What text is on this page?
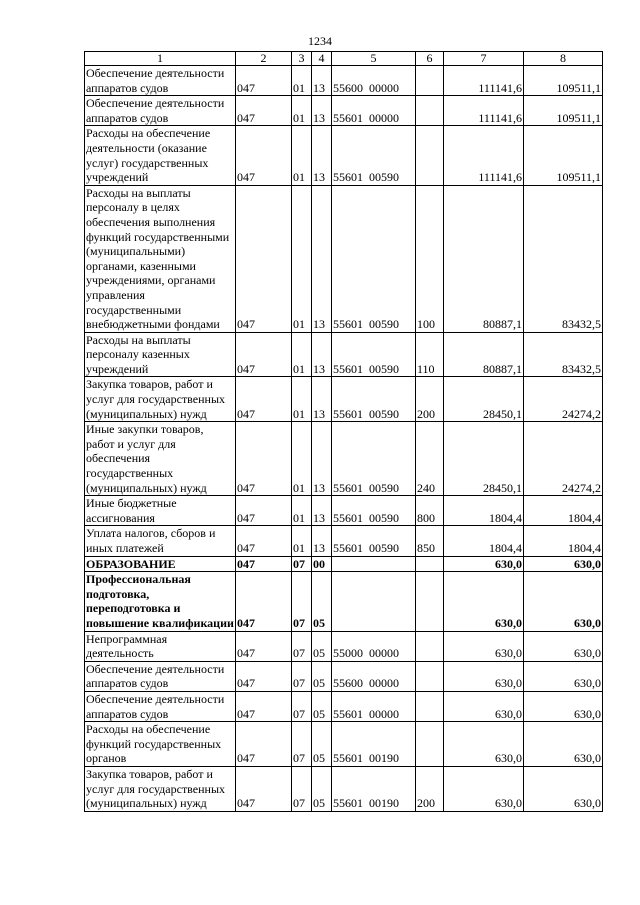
1234
1	2	3	4	5	6	7	8
Обеспечение деятельности аппаратов судов	047	01	13	55600  00000		111141,6	109511,1
Обеспечение деятельности аппаратов судов	047	01	13	55601  00000		111141,6	109511,1
Расходы на обеспечение деятельности (оказание услуг) государственных учреждений	047	01	13	55601  00590		111141,6	109511,1
Расходы на выплаты персоналу в целях обеспечения выполнения функций государственными (муниципальными) органами, казенными учреждениями, органами управления государственными внебюджетными фондами	047	01	13	55601  00590	100	80887,1	83432,5
Расходы на выплаты персоналу казенных учреждений	047	01	13	55601  00590	110	80887,1	83432,5
Закупка товаров, работ и услуг для государственных (муниципальных) нужд	047	01	13	55601  00590	200	28450,1	24274,2
Иные закупки товаров, работ и услуг для обеспечения государственных (муниципальных) нужд	047	01	13	55601  00590	240	28450,1	24274,2
Иные бюджетные ассигнования	047	01	13	55601  00590	800	1804,4	1804,4
Уплата налогов, сборов и иных платежей	047	01	13	55601  00590	850	1804,4	1804,4
ОБРАЗОВАНИЕ	047	07	00			630,0	630,0
Профессиональная подготовка, переподготовка и повышение квалификации	047	07	05			630,0	630,0
Непрограммная деятельность	047	07	05	55000  00000		630,0	630,0
Обеспечение деятельности аппаратов судов	047	07	05	55600  00000		630,0	630,0
Обеспечение деятельности аппаратов судов	047	07	05	55601  00000		630,0	630,0
Расходы на обеспечение функций государственных органов	047	07	05	55601  00190		630,0	630,0
Закупка товаров, работ и услуг для государственных (муниципальных) нужд	047	07	05	55601  00190	200	630,0	630,0
